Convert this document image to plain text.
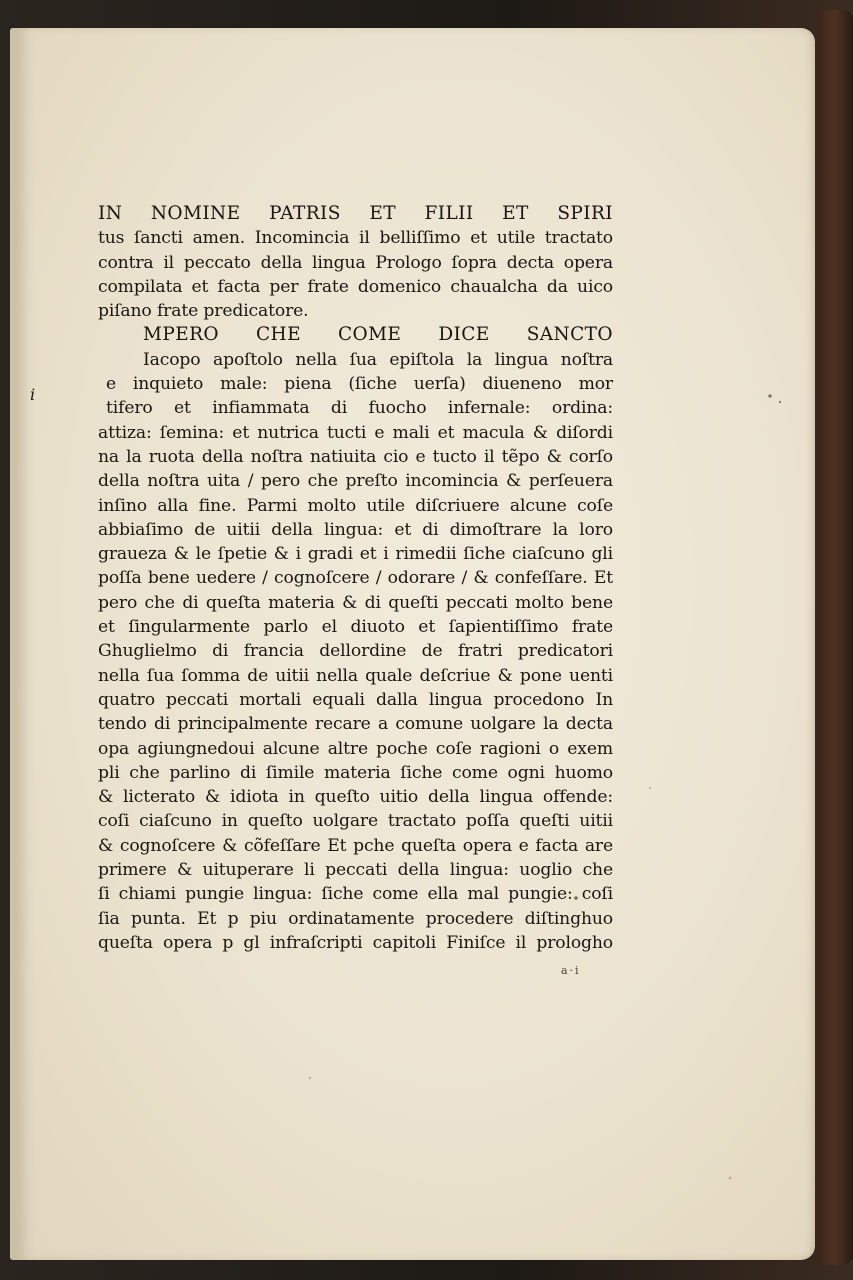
i
IN NOMINE PATRIS ET FILII ET SPIRI
tus ſancti amen. Incomincia il belliſſimo et utile tractato
contra il peccato della lingua Prologo ſopra decta opera
compilata et facta per frate domenico chaualcha da uico
piſano frate predicatore.
MPERO CHE COME DICE SANCTO
Iacopo apoſtolo nella ſua epiſtola la lingua noſtra
e inquieto male: piena (ſiche uerſa) diueneno mor
tifero et infiammata di fuocho infernale: ordina:
attiza: ſemina: et nutrica tucti e mali et macula & diſordi
na la ruota della noſtra natiuita cio e tucto il tẽpo & corſo
della noſtra uita / pero che preſto incomincia & perſeuera
inſino alla fine. Parmi molto utile diſcriuere alcune coſe
abbiaſimo de uitii della lingua: et di dimoſtrare la loro
graueza & le ſpetie & i gradi et i rimedii ſiche ciaſcuno gli
poſſa bene uedere / cognoſcere / odorare / & confeſſare. Et
pero che di queſta materia & di queſti peccati molto bene
et ſingularmente parlo el diuoto et ſapientiſſimo frate
Ghuglielmo di francia dellordine de fratri predicatori
nella ſua ſomma de uitii nella quale deſcriue & pone uenti
quatro peccati mortali equali dalla lingua procedono In
tendo di principalmente recare a comune uolgare la decta
opa agiungnedoui alcune altre poche coſe ragioni o exem
pli che parlino di ſimile materia ſiche come ogni huomo
& licterato & idiota in queſto uitio della lingua offende:
coſi ciaſcuno in queſto uolgare tractato poſſa queſti uitii
& cognoſcere & cõfeſſare Et pche queſta opera e facta are
primere & uituperare li peccati della lingua: uoglio che
ſi chiami pungie lingua: ſiche come ella mal pungie: coſi
ſia punta. Et p piu ordinatamente procedere diſtinghuo
queſta opera p gl infraſcripti capitoli Finiſce il prologho
a·i
